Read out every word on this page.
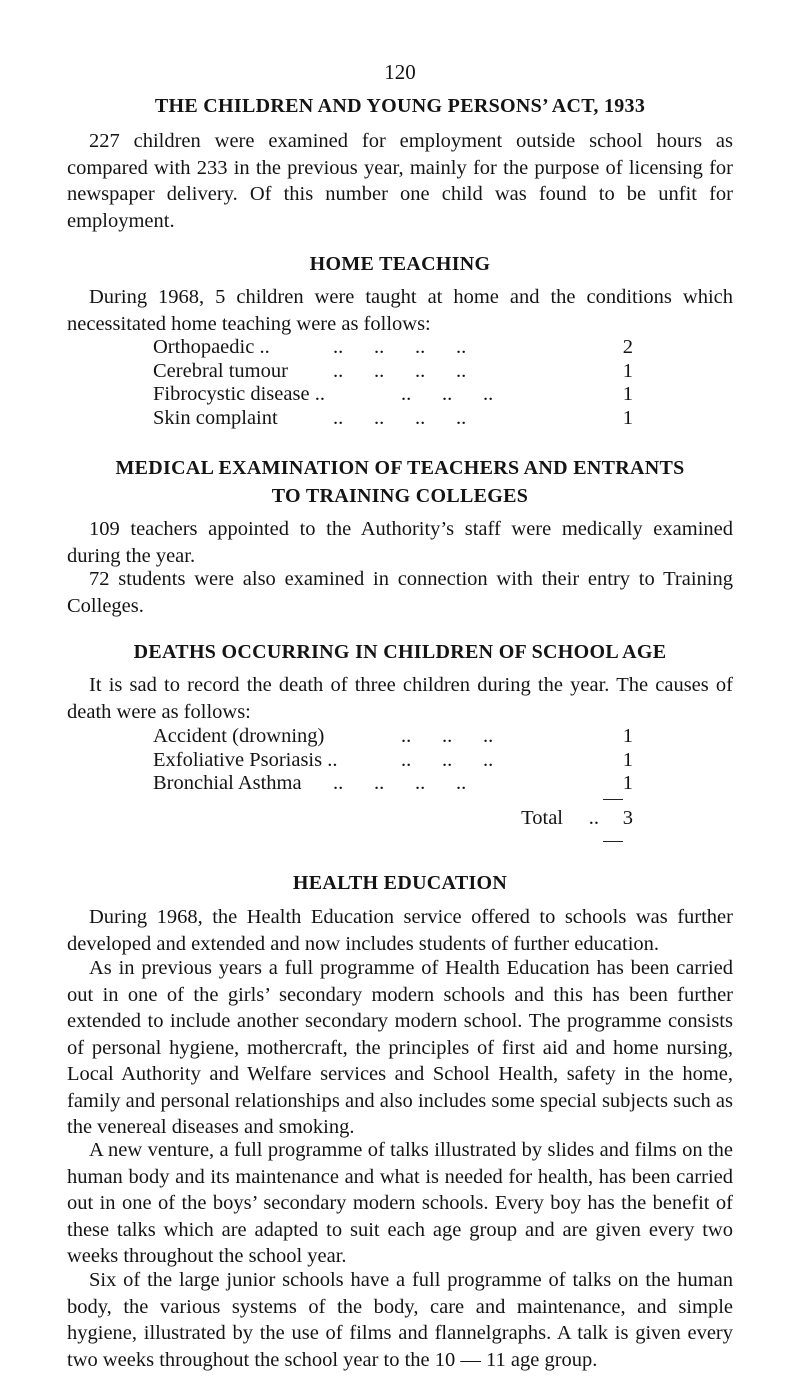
120
THE CHILDREN AND YOUNG PERSONS’ ACT, 1933

227 children were examined for employment outside school hours as compared with 233 in the previous year, mainly for the purpose of licensing for newspaper delivery. Of this number one child was found to be unfit for employment.

HOME TEACHING

During 1968, 5 children were taught at home and the conditions which necessitated home teaching were as follows:

Orthopaedic ..	..      ..      ..      ..	2
Cerebral tumour ..      ..      ..      ..	1
Fibrocystic disease ..	..      ..      ..	1
Skin complaint	..      ..      ..      ..	1
MEDICAL EXAMINATION OF TEACHERS AND ENTRANTS
TO TRAINING COLLEGES

109 teachers appointed to the Authority’s staff were medically examined during the year.

72 students were also examined in connection with their entry to Training Colleges.

DEATHS OCCURRING IN CHILDREN OF SCHOOL AGE

It is sad to record the death of three children during the year. The causes of death were as follows:

Accident (drowning)	..      ..      ..	1
Exfoliative Psoriasis ..	..      ..      ..	1
Bronchial Asthma ..      ..      ..      ..	1
Total .. 3
HEALTH EDUCATION

During 1968, the Health Education service offered to schools was further developed and extended and now includes students of further education.

As in previous years a full programme of Health Education has been carried out in one of the girls’ secondary modern schools and this has been further extended to include another secondary modern school. The programme consists of personal hygiene, mothercraft, the principles of first aid and home nursing, Local Authority and Welfare services and School Health, safety in the home, family and personal relationships and also includes some special subjects such as the venereal diseases and smoking.

A new venture, a full programme of talks illustrated by slides and films on the human body and its maintenance and what is needed for health, has been carried out in one of the boys’ secondary modern schools. Every boy has the benefit of these talks which are adapted to suit each age group and are given every two weeks throughout the school year.

Six of the large junior schools have a full programme of talks on the human body, the various systems of the body, care and maintenance, and simple hygiene, illustrated by the use of films and flannelgraphs. A talk is given every two weeks throughout the school year to the 10 — 11 age group.
